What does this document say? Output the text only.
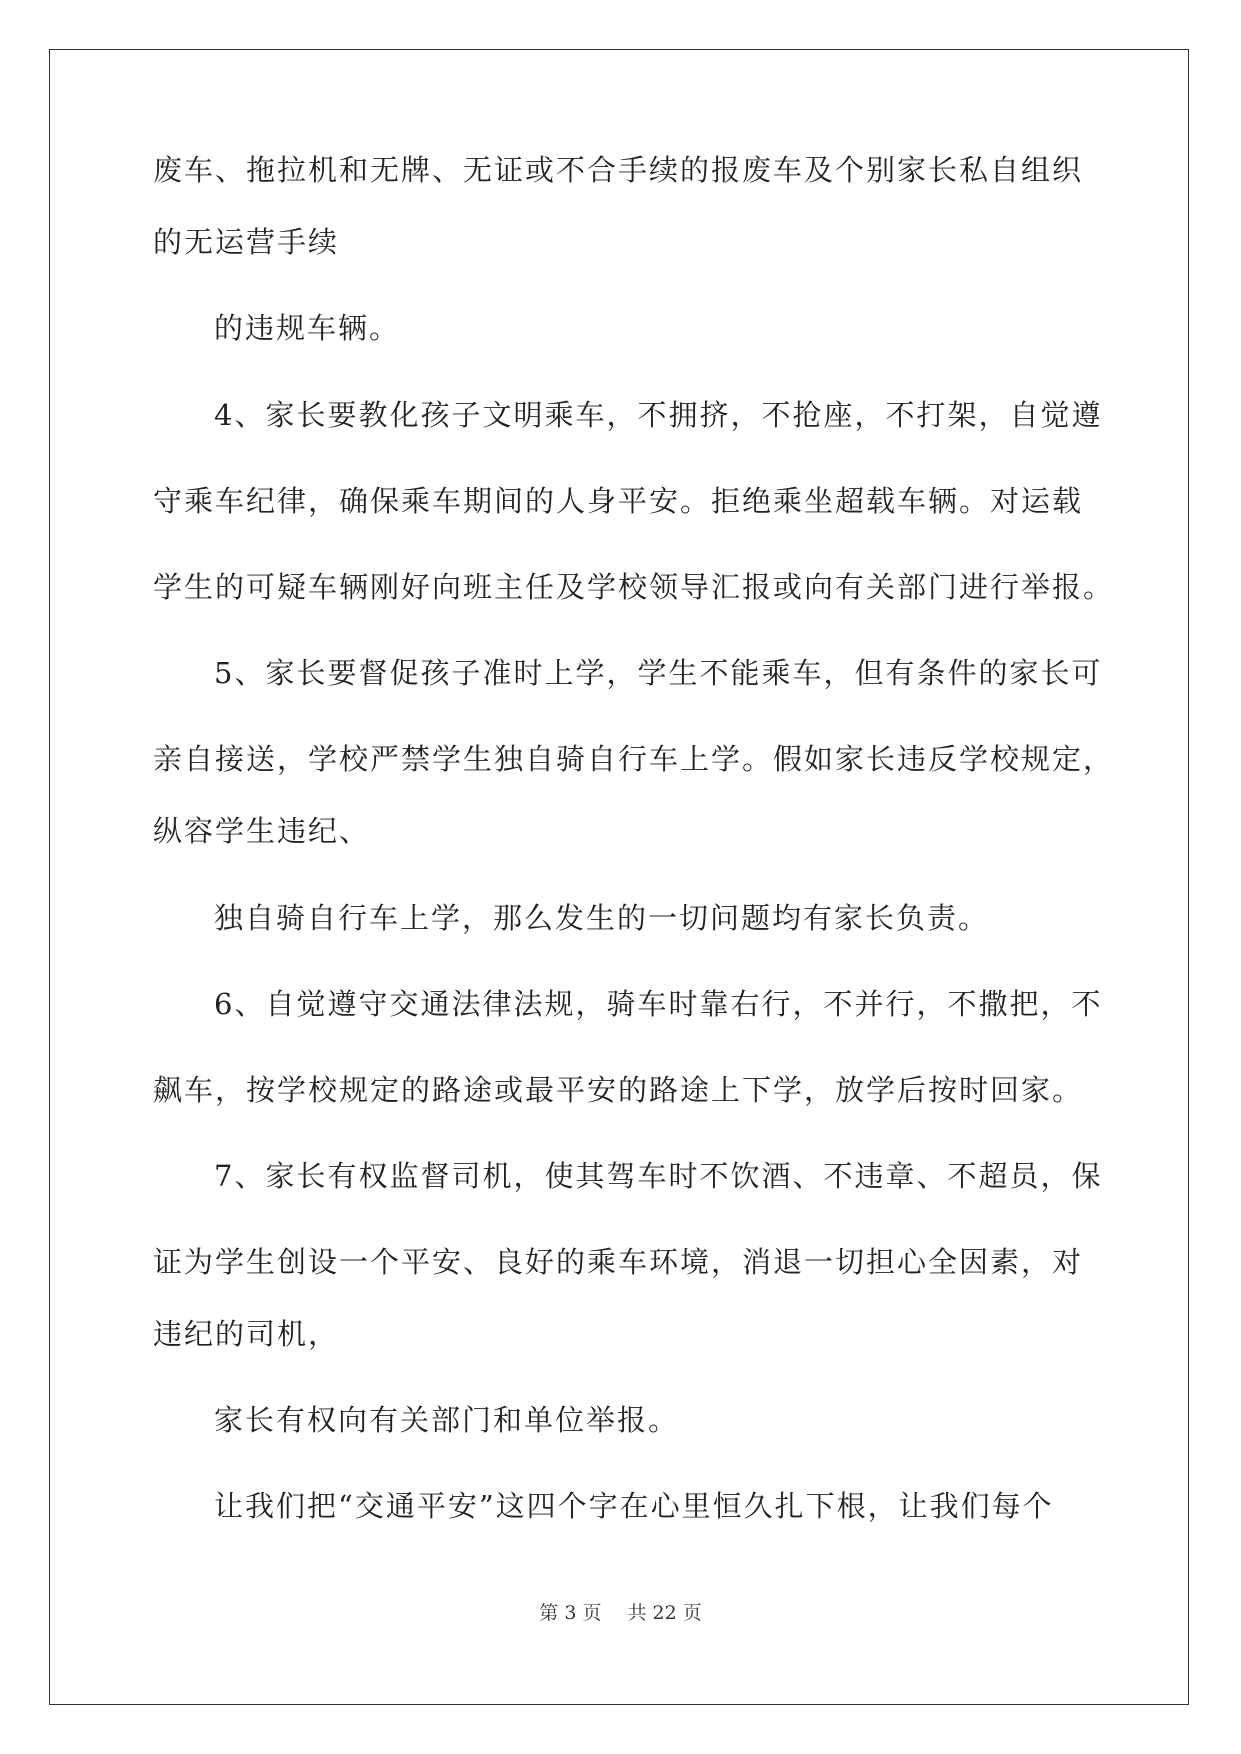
废车、拖拉机和无牌、无证或不合手续的报废车及个别家长私自组织
的无运营手续
的违规车辆。
4、家长要教化孩子文明乘车，不拥挤，不抢座，不打架，自觉遵
守乘车纪律，确保乘车期间的人身平安。拒绝乘坐超载车辆。对运载
学生的可疑车辆刚好向班主任及学校领导汇报或向有关部门进行举报。
5、家长要督促孩子准时上学，学生不能乘车，但有条件的家长可
亲自接送，学校严禁学生独自骑自行车上学。假如家长违反学校规定，
纵容学生违纪、
独自骑自行车上学，那么发生的一切问题均有家长负责。
6、自觉遵守交通法律法规，骑车时靠右行，不并行，不撒把，不
飙车，按学校规定的路途或最平安的路途上下学，放学后按时回家。
7、家长有权监督司机，使其驾车时不饮酒、不违章、不超员，保
证为学生创设一个平安、良好的乘车环境，消退一切担心全因素，对
违纪的司机，
家长有权向有关部门和单位举报。
让我们把“交通平安”这四个字在心里恒久扎下根，让我们每个
第 3 页 共 22 页
